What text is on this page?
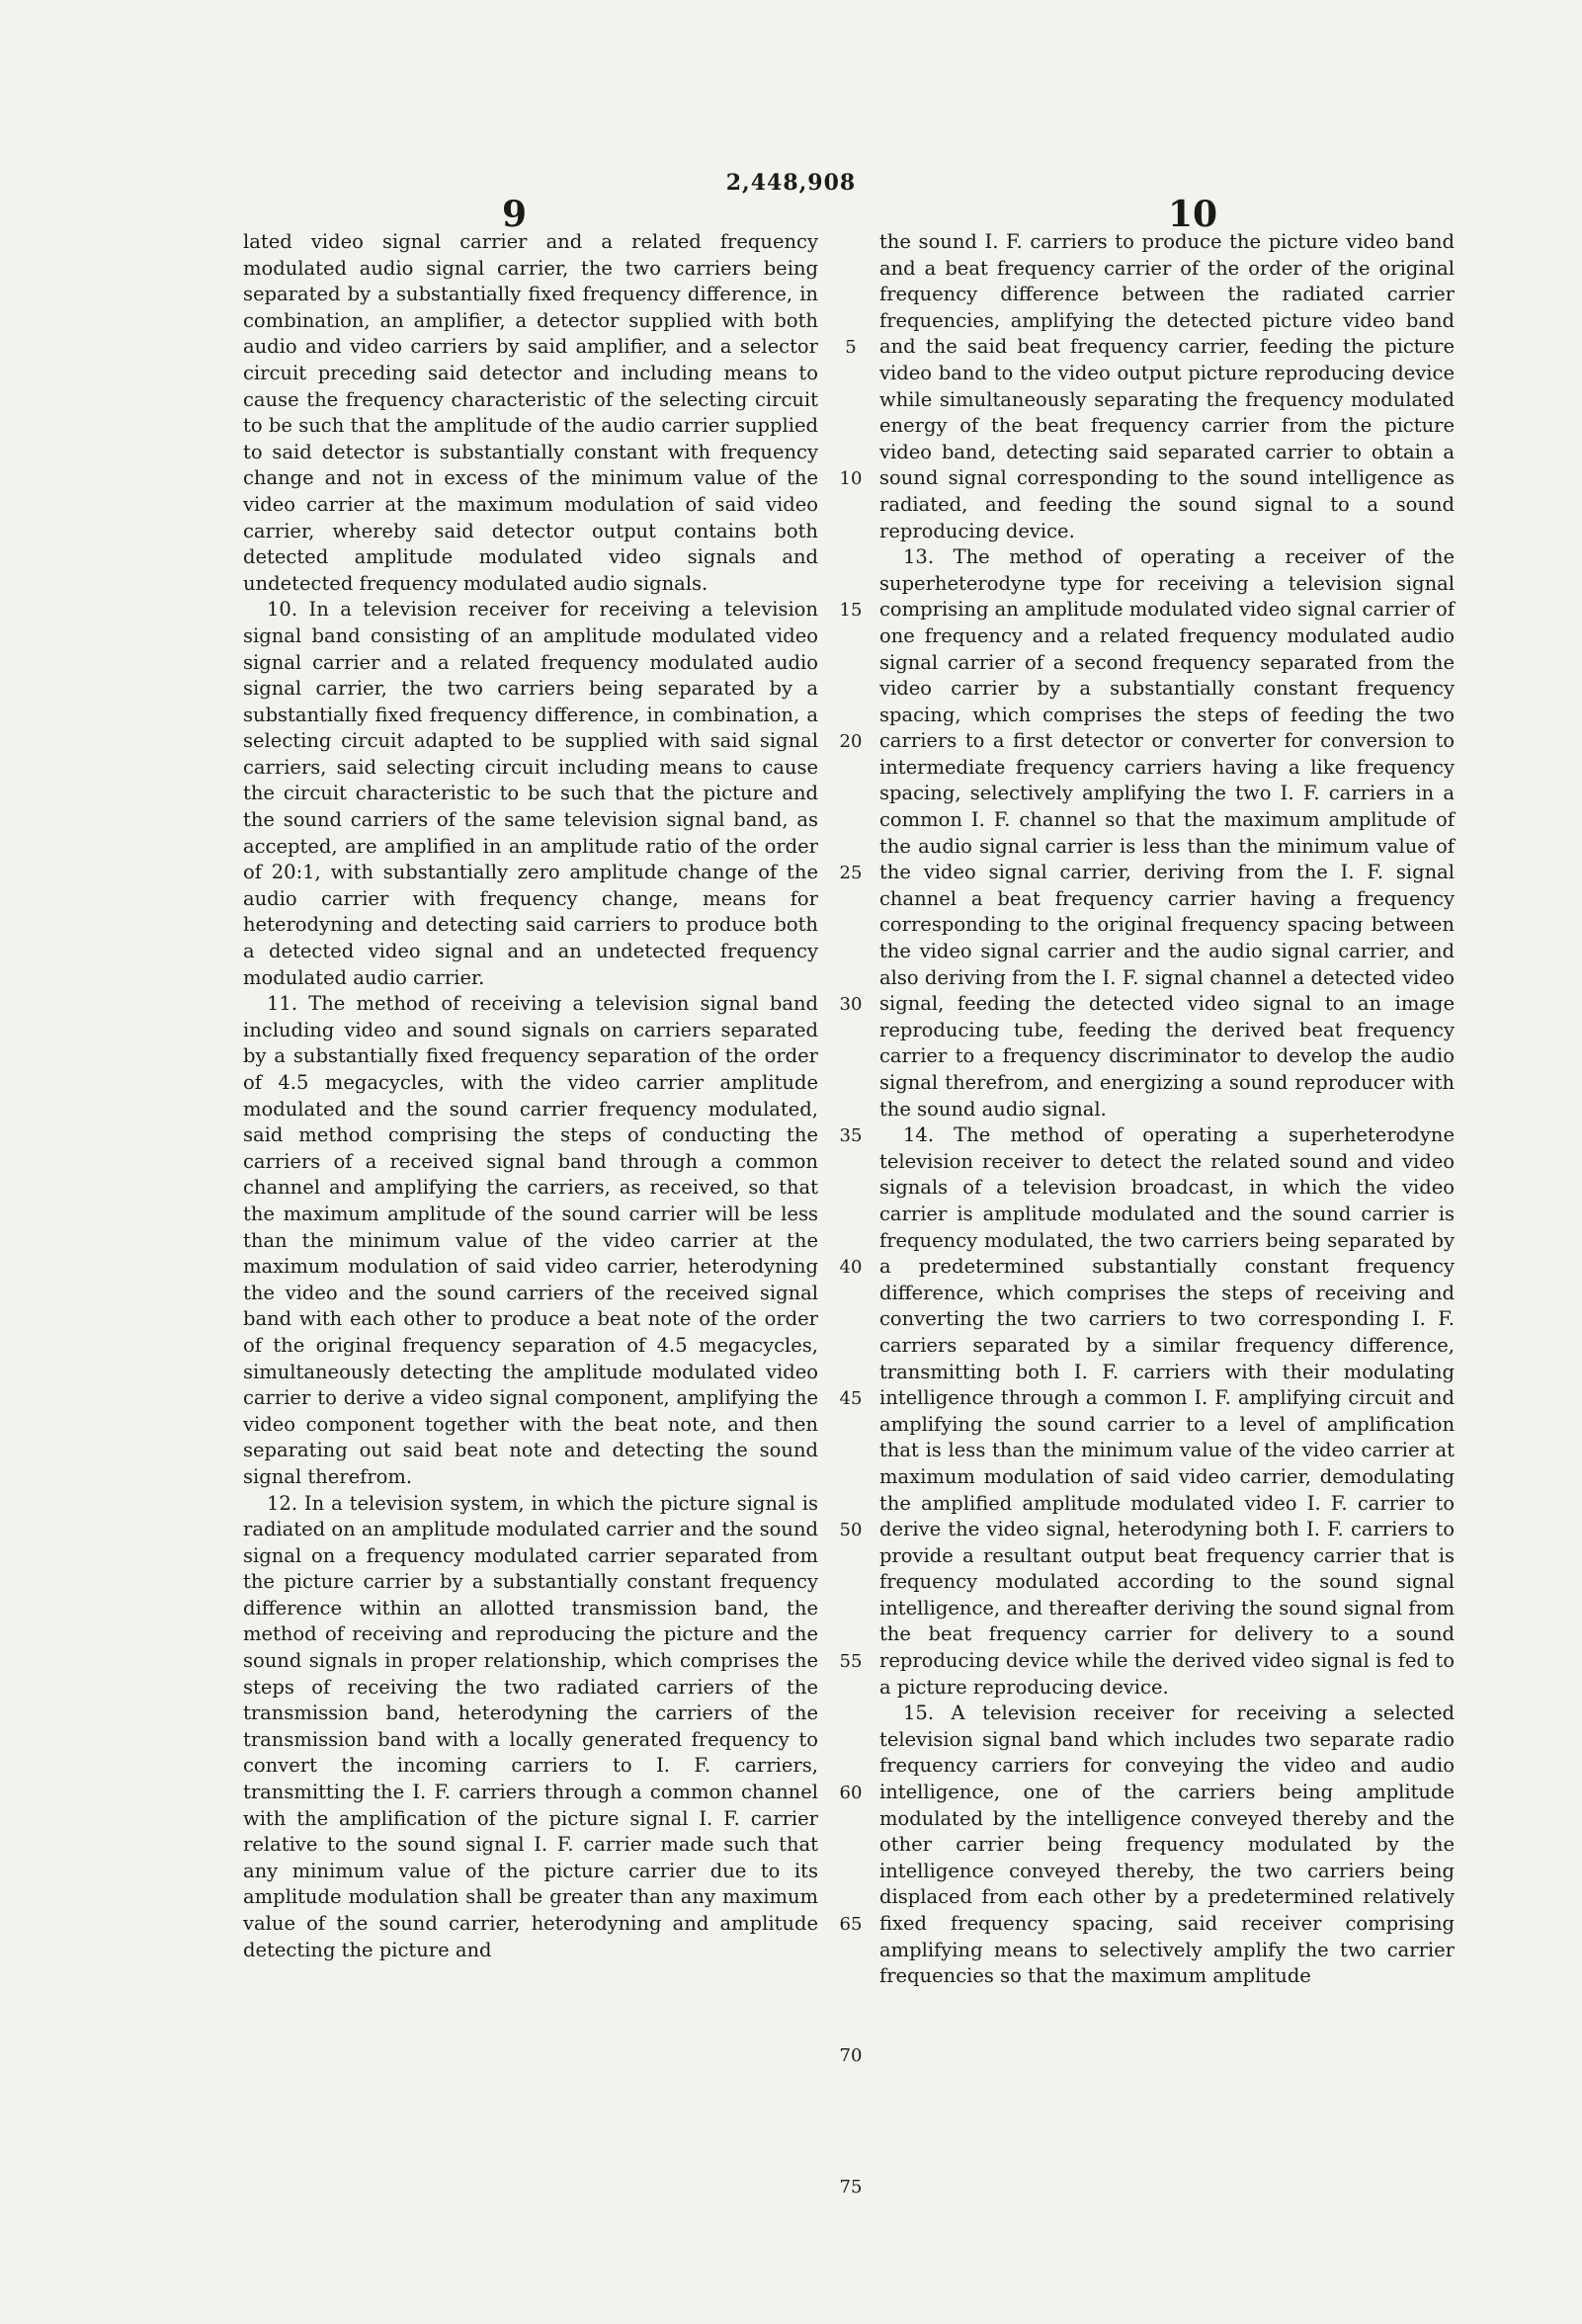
2,448,908
9	10

lated video signal carrier and a related frequency modulated audio signal carrier, the two carriers being separated by a substantially fixed frequency difference, in combination, an amplifier, a detector supplied with both audio and video carriers by said amplifier, and a selector circuit preceding said detector and including means to cause the frequency characteristic of the selecting circuit to be such that the amplitude of the audio carrier supplied to said detector is substantially constant with frequency change and not in excess of the minimum value of the video carrier at the maximum modulation of said video carrier, whereby said detector output contains both detected amplitude modulated video signals and undetected frequency modulated audio signals.

10. In a television receiver for receiving a television signal band consisting of an amplitude modulated video signal carrier and a related frequency modulated audio signal carrier, the two carriers being separated by a substantially fixed frequency difference, in combination, a selecting circuit adapted to be supplied with said signal carriers, said selecting circuit including means to cause the circuit characteristic to be such that the picture and the sound carriers of the same television signal band, as accepted, are amplified in an amplitude ratio of the order of 20:1, with substantially zero amplitude change of the audio carrier with frequency change, means for heterodyning and detecting said carriers to produce both a detected video signal and an undetected frequency modulated audio carrier.

11. The method of receiving a television signal band including video and sound signals on carriers separated by a substantially fixed frequency separation of the order of 4.5 megacycles, with the video carrier amplitude modulated and the sound carrier frequency modulated, said method comprising the steps of conducting the carriers of a received signal band through a common channel and amplifying the carriers, as received, so that the maximum amplitude of the sound carrier will be less than the minimum value of the video carrier at the maximum modulation of said video carrier, heterodyning the video and the sound carriers of the received signal band with each other to produce a beat note of the order of the original frequency separation of 4.5 megacycles, simultaneously detecting the amplitude modulated video carrier to derive a video signal component, amplifying the video component together with the beat note, and then separating out said beat note and detecting the sound signal therefrom.

12. In a television system, in which the picture signal is radiated on an amplitude modulated carrier and the sound signal on a frequency modulated carrier separated from the picture carrier by a substantially constant frequency difference within an allotted transmission band, the method of receiving and reproducing the picture and the sound signals in proper relationship, which comprises the steps of receiving the two radiated carriers of the transmission band, heterodyning the carriers of the transmission band with a locally generated frequency to convert the incoming carriers to I. F. carriers, transmitting the I. F. carriers through a common channel with the amplification of the picture signal I. F. carrier relative to the sound signal I. F. carrier made such that any minimum value of the picture carrier due to its amplitude modulation shall be greater than any maximum value of the sound carrier, heterodyning and amplitude detecting the picture and

the sound I. F. carriers to produce the picture video band and a beat frequency carrier of the order of the original frequency difference between the radiated carrier frequencies, amplifying the detected picture video band and the said beat frequency carrier, feeding the picture video band to the video output picture reproducing device while simultaneously separating the frequency modulated energy of the beat frequency carrier from the picture video band, detecting said separated carrier to obtain a sound signal corresponding to the sound intelligence as radiated, and feeding the sound signal to a sound reproducing device.

13. The method of operating a receiver of the superheterodyne type for receiving a television signal comprising an amplitude modulated video signal carrier of one frequency and a related frequency modulated audio signal carrier of a second frequency separated from the video carrier by a substantially constant frequency spacing, which comprises the steps of feeding the two carriers to a first detector or converter for conversion to intermediate frequency carriers having a like frequency spacing, selectively amplifying the two I. F. carriers in a common I. F. channel so that the maximum amplitude of the audio signal carrier is less than the minimum value of the video signal carrier, deriving from the I. F. signal channel a beat frequency carrier having a frequency corresponding to the original frequency spacing between the video signal carrier and the audio signal carrier, and also deriving from the I. F. signal channel a detected video signal, feeding the detected video signal to an image reproducing tube, feeding the derived beat frequency carrier to a frequency discriminator to develop the audio signal therefrom, and energizing a sound reproducer with the sound audio signal.

14. The method of operating a superheterodyne television receiver to detect the related sound and video signals of a television broadcast, in which the video carrier is amplitude modulated and the sound carrier is frequency modulated, the two carriers being separated by a predetermined substantially constant frequency difference, which comprises the steps of receiving and converting the two carriers to two corresponding I. F. carriers separated by a similar frequency difference, transmitting both I. F. carriers with their modulating intelligence through a common I. F. amplifying circuit and amplifying the sound carrier to a level of amplification that is less than the minimum value of the video carrier at maximum modulation of said video carrier, demodulating the amplified amplitude modulated video I. F. carrier to derive the video signal, heterodyning both I. F. carriers to provide a resultant output beat frequency carrier that is frequency modulated according to the sound signal intelligence, and thereafter deriving the sound signal from the beat frequency carrier for delivery to a sound reproducing device while the derived video signal is fed to a picture reproducing device.

15. A television receiver for receiving a selected television signal band which includes two separate radio frequency carriers for conveying the video and audio intelligence, one of the carriers being amplitude modulated by the intelligence conveyed thereby and the other carrier being frequency modulated by the intelligence conveyed thereby, the two carriers being displaced from each other by a predetermined relatively fixed frequency spacing, said receiver comprising amplifying means to selectively amplify the two carrier frequencies so that the maximum amplitude

5
10
15
20
25
30
35
40
45
50
55
60
65
70
75
